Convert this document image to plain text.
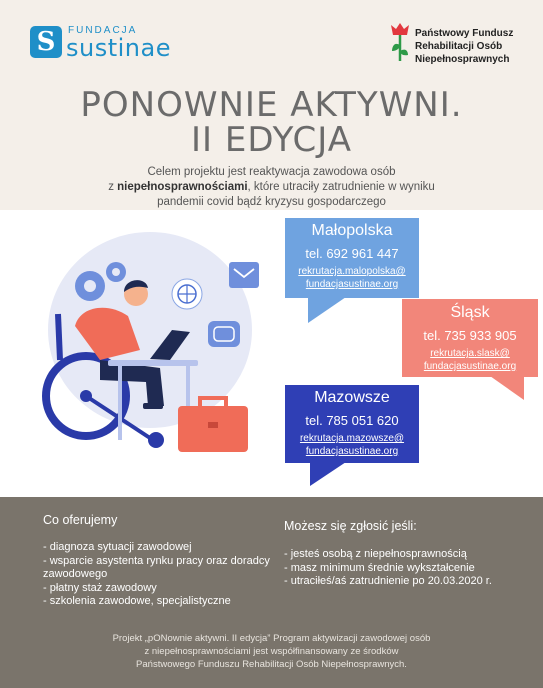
S	FUNDACJA
sustinae
Państwowy Fundusz
Rehabilitacji Osób
Niepełnosprawnych
PONOWNIE AKTYWNI.
II EDYCJA
Celem projektu jest reaktywacja zawodowa osób
z niepełnosprawnościami, które utraciły zatrudnienie w wyniku
pandemii covid bądź kryzysu gospodarczego
Małopolska
tel. 692 961 447
rekrutacja.malopolska@
fundacjasustinae.org
Śląsk
tel. 735 933 905
rekrutacja.slask@
fundacjasustinae.org
Mazowsze
tel. 785 051 620
rekrutacja.mazowsze@
fundacjasustinae.org
Co oferujemy
- diagnoza sytuacji zawodowej
- wsparcie asystenta rynku pracy oraz doradcy zawodowego
- płatny staż zawodowy
- szkolenia zawodowe, specjalistyczne
Możesz się zgłosić jeśli:
- jesteś osobą z niepełnosprawnością
- masz minimum średnie wykształcenie
- utraciłeś/aś zatrudnienie po 20.03.2020 r.
Projekt „pONownie aktywni. II edycja” Program aktywizacji zawodowej osób
z niepełnosprawnościami jest współfinansowany ze środków
Państwowego Funduszu Rehabilitacji Osób Niepełnosprawnych.
